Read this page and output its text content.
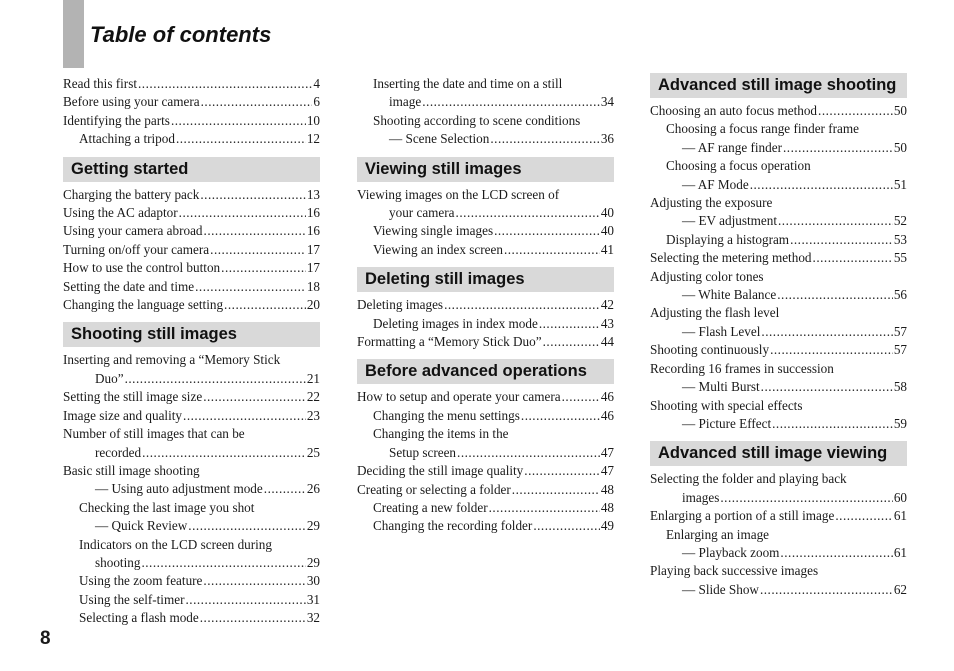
Table of contents
Read this first .....	4
Before using your camera .....	6
Identifying the parts .....	10
Attaching a tripod .....	12
Getting started
Charging the battery pack .....	13
Using the AC adaptor .....	16
Using your camera abroad .....	16
Turning on/off your camera .....	17
How to use the control button .....	17
Setting the date and time .....	18
Changing the language setting .....	20
Shooting still images
Inserting and removing a “Memory Stick
Duo” .....	21
Setting the still image size .....	22
Image size and quality .....	23
Number of still images that can be
recorded .....	25
Basic still image shooting
— Using auto adjustment mode .....	26
Checking the last image you shot
— Quick Review .....	29
Indicators on the LCD screen during
shooting .....	29
Using the zoom feature .....	30
Using the self-timer .....	31
Selecting a flash mode .....	32
Inserting the date and time on a still
image .....	34
Shooting according to scene conditions
— Scene Selection .....	36
Viewing still images
Viewing images on the LCD screen of
your camera .....	40
Viewing single images .....	40
Viewing an index screen .....	41
Deleting still images
Deleting images .....	42
Deleting images in index mode .....	43
Formatting a “Memory Stick Duo” .....	44
Before advanced operations
How to setup and operate your camera .....	46
Changing the menu settings .....	46
Changing the items in the
Setup screen .....	47
Deciding the still image quality .....	47
Creating or selecting a folder .....	48
Creating a new folder .....	48
Changing the recording folder .....	49
Advanced still image shooting
Choosing an auto focus method .....	50
Choosing a focus range finder frame
— AF range finder .....	50
Choosing a focus operation
— AF Mode .....	51
Adjusting the exposure
— EV adjustment .....	52
Displaying a histogram .....	53
Selecting the metering method .....	55
Adjusting color tones
— White Balance .....	56
Adjusting the flash level
— Flash Level .....	57
Shooting continuously .....	57
Recording 16 frames in succession
— Multi Burst .....	58
Shooting with special effects
— Picture Effect .....	59
Advanced still image viewing
Selecting the folder and playing back
images .....	60
Enlarging a portion of a still image .....	61
Enlarging an image
— Playback zoom .....	61
Playing back successive images
— Slide Show .....	62
8
